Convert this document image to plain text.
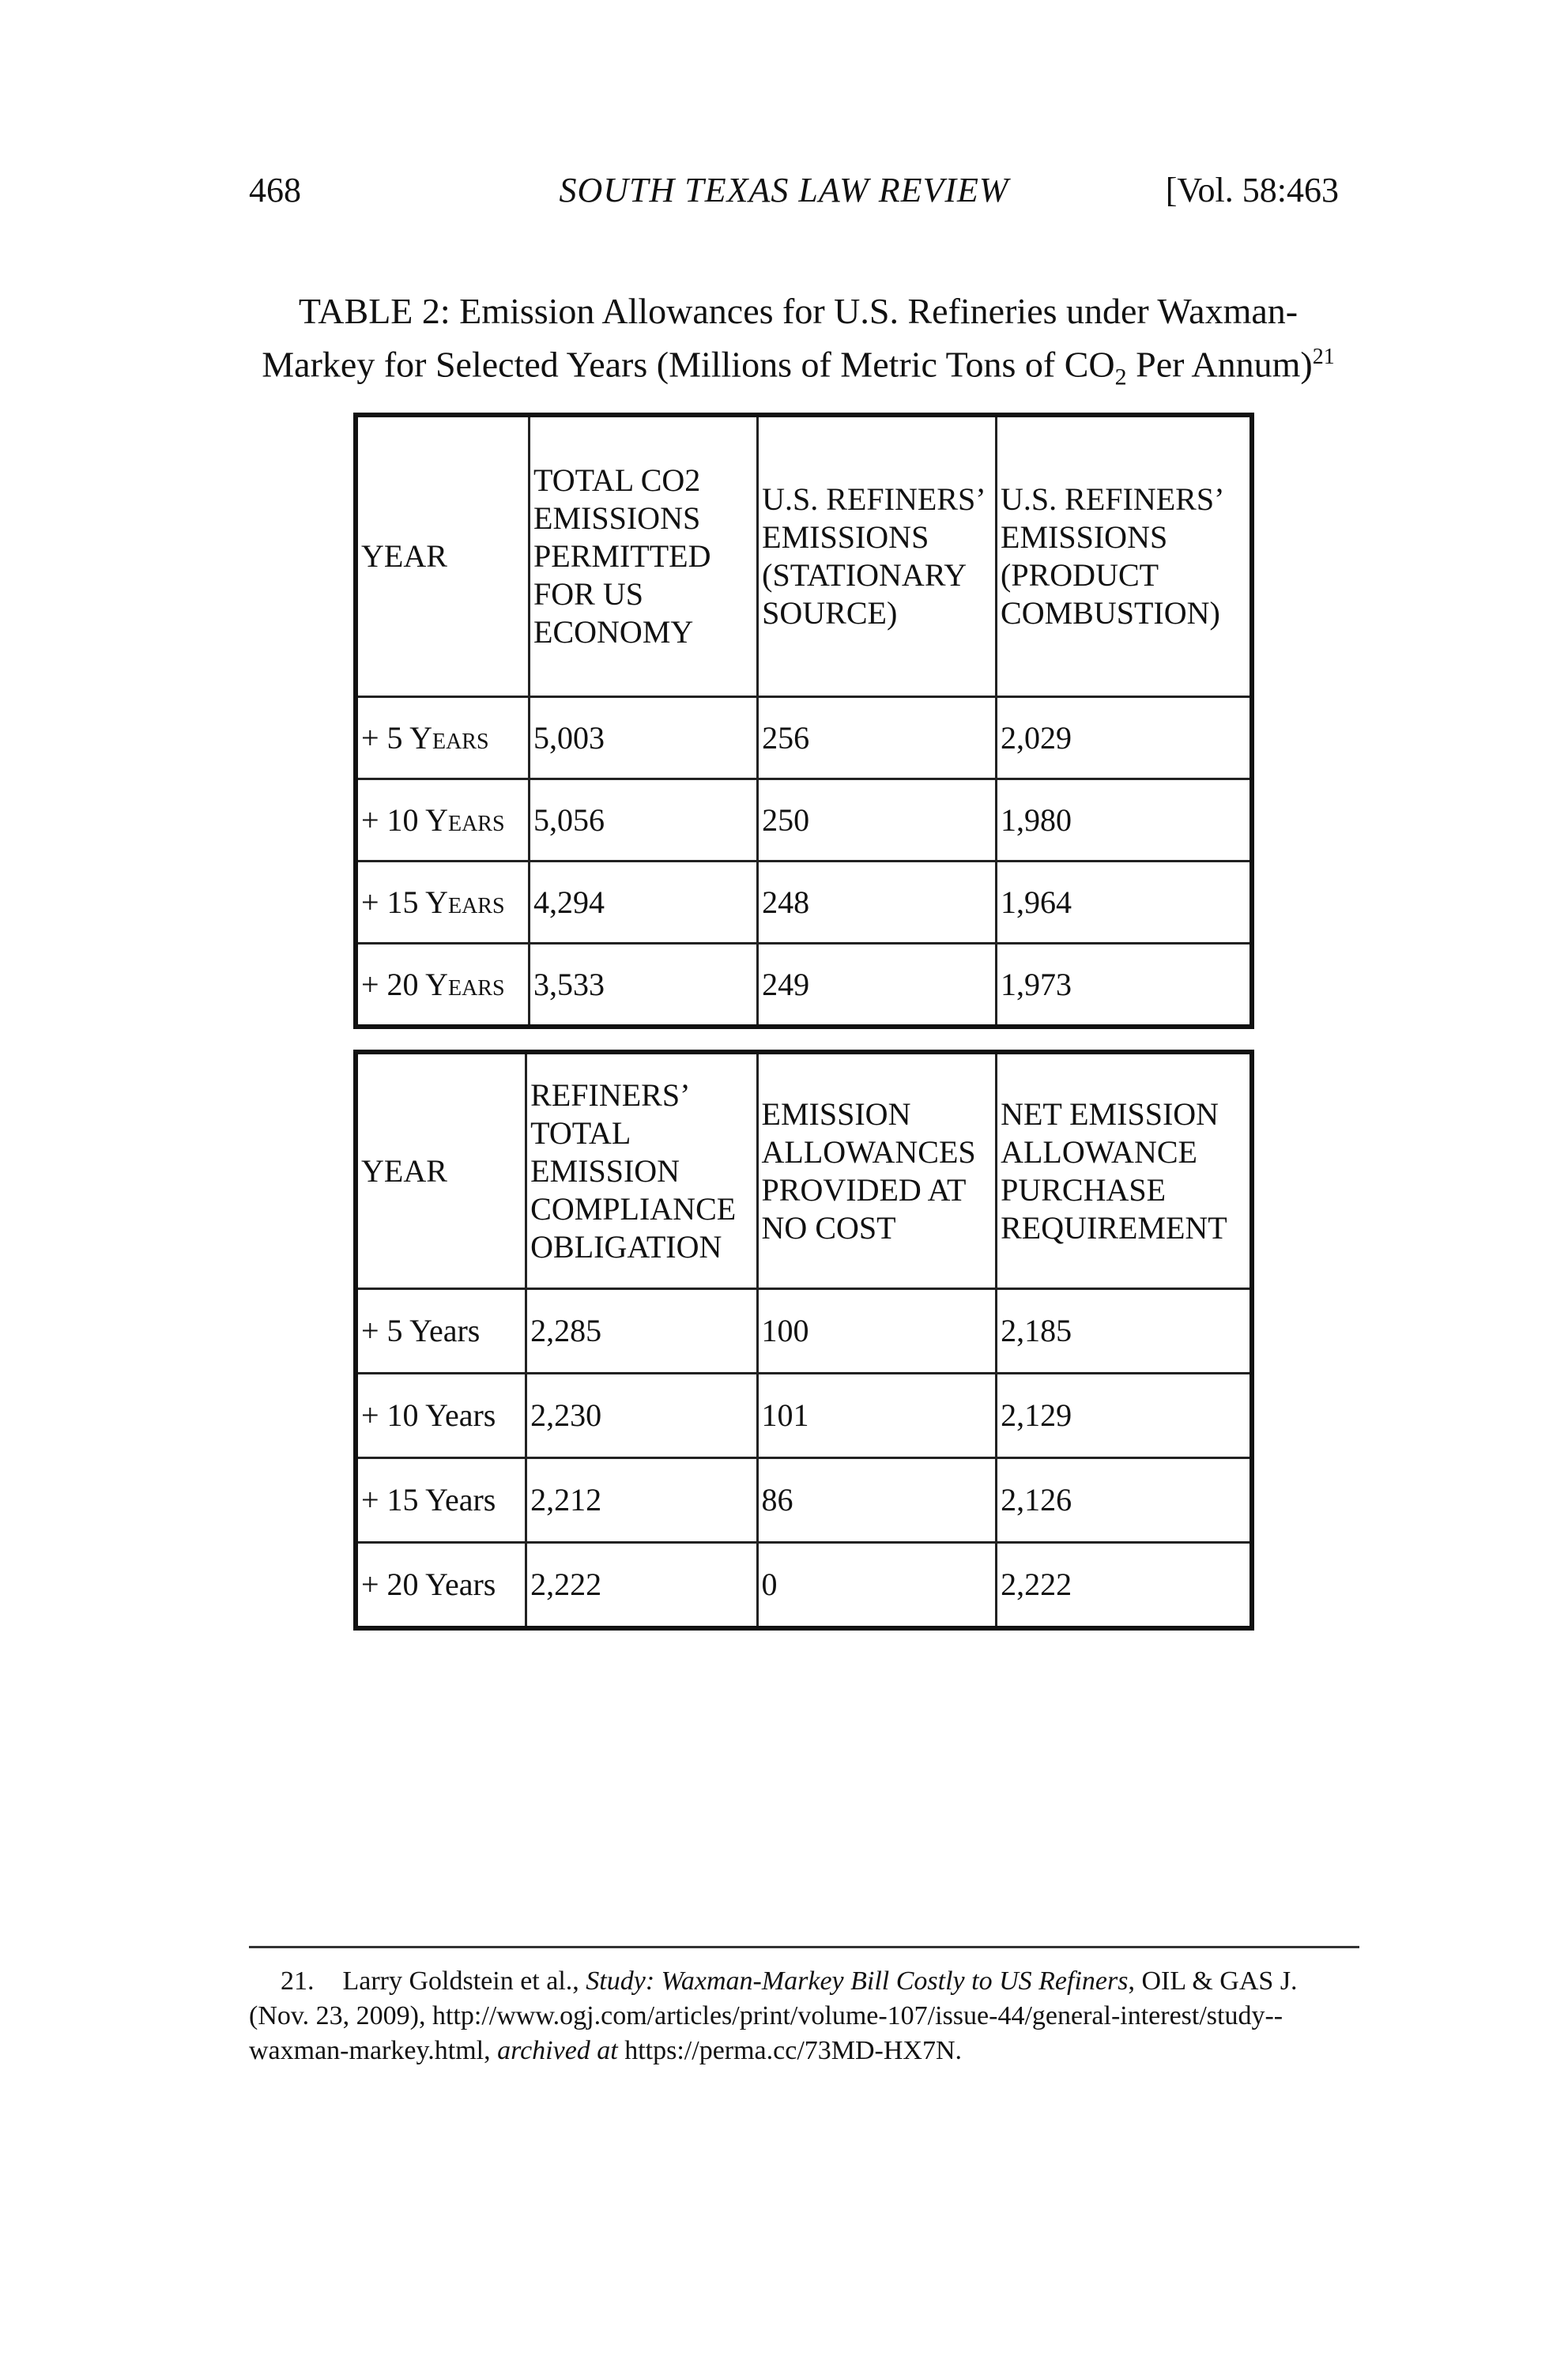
468	SOUTH TEXAS LAW REVIEW	[Vol. 58:463
TABLE 2: Emission Allowances for U.S. Refineries under Waxman-
Markey for Selected Years (Millions of Metric Tons of $CO_2$ Per Annum)$^{21}$
YEAR	TOTAL CO2 EMISSIONS PERMITTED FOR US ECONOMY	U.S. REFINERS’ EMISSIONS (STATIONARY SOURCE)	U.S. REFINERS’ EMISSIONS (PRODUCT COMBUSTION)
+ 5 Years	5,003	256	2,029
+ 10 Years	5,056	250	1,980
+ 15 Years	4,294	248	1,964
+ 20 Years	3,533	249	1,973
YEAR	REFINERS’ TOTAL EMISSION COMPLIANCE OBLIGATION	EMISSION ALLOWANCES PROVIDED AT NO COST	NET EMISSION ALLOWANCE PURCHASE REQUIREMENT
+ 5 Years	2,285	100	2,185
+ 10 Years	2,230	101	2,129
+ 15 Years	2,212	86	2,126
+ 20 Years	2,222	0	2,222
21. Larry Goldstein et al., Study: Waxman-Markey Bill Costly to US Refiners, OIL & GAS J. (Nov. 23, 2009), http://www.ogj.com/articles/print/volume-107/issue-44/general-interest/study--waxman-markey.html, archived at https://perma.cc/73MD-HX7N.
